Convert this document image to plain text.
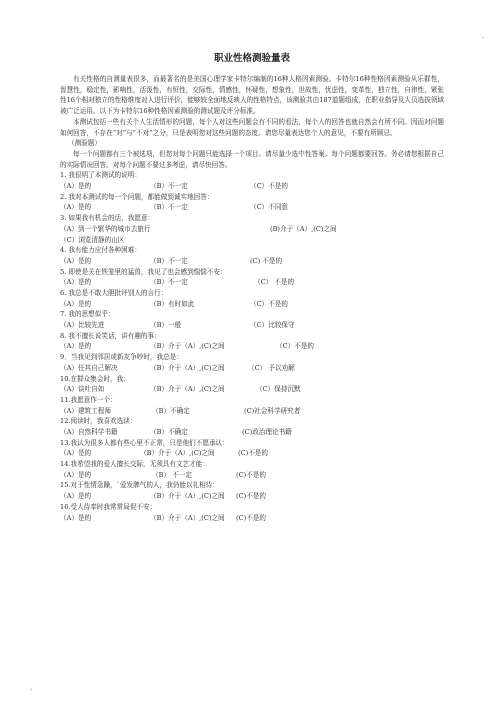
.
职业性格测验量表

有关性格的自测量表很多，而最著名的是美国心理学家卡特尔编制的16种人格因素测验。卡特尔16种性格因素测验从乐群性，智慧性，稳定性，影响性，活泼性，有恒性，交际性，情感性，怀疑性，想象性，世故性，忧虑性，变革性，独立性，自律性，紧张性16个相对独立的性格维度对人进行评价，能够较全面地反映人的性格特点，该测验共由187道题组成，在职业指导及人员选拔领域被广泛运用。以下为卡特尔16种性格因素测验的测试题及评分标准。

本测试包括一些有关个人生活情形的问题，每个人对这些问题会有不同的看法，每个人的回答也就自然会有所不同。因而对问题如何回答，不存在“对”与“不对”之分，只是表明您对这些问题的态度。请您尽量表达您个人的意见，不要有所顾忌。

（测验题）

每一个问题都有三个被选项，但您对每个问题只能选择一个项目。请尽量少选中性答案。每个问题都要回答。务必请您根据自己的实际情况回答。对每个问题不要过多考虑，请尽快回答。

1. 我很明了本测试的说明：

（A）是的	（B）不一定	（C）不是的

2. 我对本测试的每一个问题，都能做到诚实地回答：

（A）是的	（B）不一定	（C）不同意

3. 如果我有机会的话，我愿意：

（A）到一个繁华的城市去旅行	(B)介于（A）,(C)之间
（C）浏览清静的山区

4. 我有能力应付各种困难：

（A）是的	（B）不一定	(C) 不是的

5. 即使是关在铁笼里的猛兽，我见了也会感到惴惴不安：

（A）是的	（B）不一定	（C） 不是的

6. 我总是不敢大胆批评别人的言行：

（A）是的	（B）有时如此	（C）不是的

7. 我的思想似乎：

（A）比较先进	（B）一般	（C）比较保守

8. 我不擅长说笑话，讲有趣的事：

（A）是的	（B）介于（A）,(C)之间	（C）不是的

9．当我见到邻居或新友争吵时，我总是：

（A）任其自己解决	（B）介于（A）,(C)之间	（C） 予以劝解

10.在群众集会时，我：

（A）谈吐自如	（B）介于（A）,(C)之间	（C）保持沉默

11.我愿意作一个：

（A）建筑工程师	（B）不确定	(C)社会科学研究者

12.阅读时，我喜欢选读：

（A）自然科学书籍	（B）不确定	(C)政治理论书籍

13.我认为很多人都有些心里不正常，只是他们不愿承认：

（A）是的	（B）介于（A）,(C)之间	(C)不是的

14.我希望我的爱人擅长交际，无须具有文艺才能：

（A）是的	（B） 不一定	(C)不是的

15.对于性情急躁，`爱发脾气的人，我仍能以礼相待：

（A）是的	（B）介于（A）,(C)之间 (C)不是的

16.受人侍奉时我常常局促不安：

（A）是的	（B）介于（A）,(C)之间 (C)不是的
.
